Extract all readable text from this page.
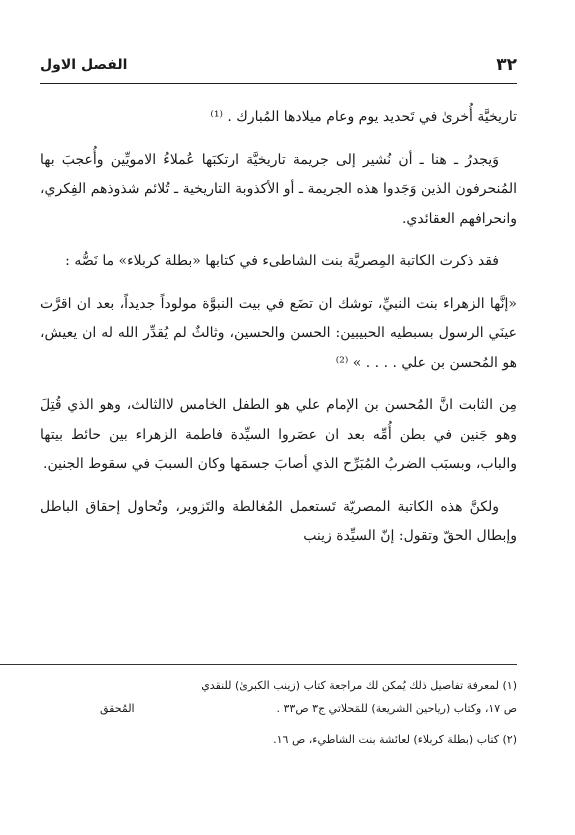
٣٢
الفصل الاول

تاريخيَّة أُخرىٰ في تَحديد يوم وعام ميلادها المُبارك . ⁽¹⁾

وَيجدرُ ـ هنا ـ أن نُشير إلى جريمة تاريخيَّة ارتكبَها عُملاءُ الامويِّين وأُعجبَ بها المُنحرفون الذين وَجَدوا هذه الجريمة ـ أو الأكذوبة التاريخية ـ تُلائم شذوذهم الفِكري، وانحرافهم العقائدي.

فقد ذكرت الكاتبة المِصريَّة بنت الشاطىء في كتابها «بطلة كربلاء» ما نَصُّه :

«إنَّها الزهراء بنت النبيِّ، توشك ان تضَع في بيت النبوَّة مولوداً جديداً، بعد ان اقرَّت عينَي الرسول بسبطيه الحبيبين: الحسن والحسين، وثالثٌ لم يُقدِّر الله له ان يعيش، هو المُحسن بن علي . . . . » ⁽²⁾

مِن الثابت انَّ المُحسن بن الإمام علي هو الطفل الخامس لاالثالث، وهو الذي قُتِلَ وهو جَنين في بطن أُمِّه بعد ان عصَروا السيِّدة فاطمة الزهراء بين حائط بيتها والباب، وبسبَب الضربُ المُبَرِّح الذي أصابَ جسمَها وكان السببَ في سقوط الجنين.

ولكنَّ هذه الكاتبة المصريّة تَستعمل المُغالطة والتَزوير، وتُحاول إحقاق الباطل وإبطال الحقّ وتقول: إنّ السيِّدة زينب

(١) لمعرفة تفاصيل ذلك يُمكن لك مراجعة كتاب (زينب الكبرىٰ) للنقدي
ص ١٧، وكتاب (رياحين الشريعة) للمَحلاتي ج٣ ص٣٣ .
المُحقق
(٢) كتاب (بطلة كربلاء) لعائشة بنت الشاطيء، ص ١٦.
